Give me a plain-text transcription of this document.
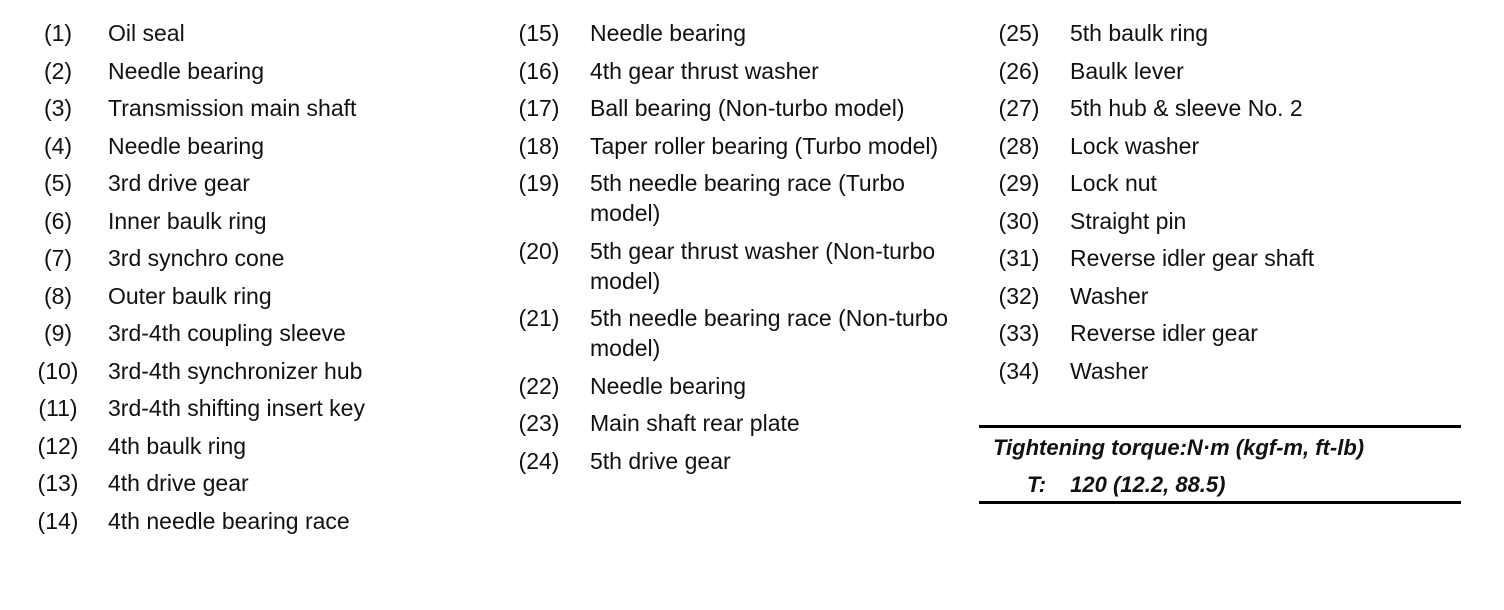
(1)	Oil seal
(2)	Needle bearing
(3)	Transmission main shaft
(4)	Needle bearing
(5)	3rd drive gear
(6)	Inner baulk ring
(7)	3rd synchro cone
(8)	Outer baulk ring
(9)	3rd-4th coupling sleeve
(10) 3rd-4th synchronizer hub
(11) 3rd-4th shifting insert key
(12) 4th baulk ring
(13) 4th drive gear
(14) 4th needle bearing race
(15) Needle bearing
(16) 4th gear thrust washer
(17) Ball bearing (Non-turbo model)
(18) Taper roller bearing (Turbo model)
(19) 5th needle bearing race (Turbo model)
(20) 5th gear thrust washer (Non-turbo model)
(21) 5th needle bearing race (Non-turbo model)
(22) Needle bearing
(23) Main shaft rear plate
(24) 5th drive gear
(25) 5th baulk ring
(26) Baulk lever
(27) 5th hub & sleeve No. 2
(28) Lock washer
(29) Lock nut
(30) Straight pin
(31) Reverse idler gear shaft
(32) Washer
(33) Reverse idler gear
(34) Washer
Tightening torque:N·m (kgf-m, ft-lb)
T: 120 (12.2, 88.5)
